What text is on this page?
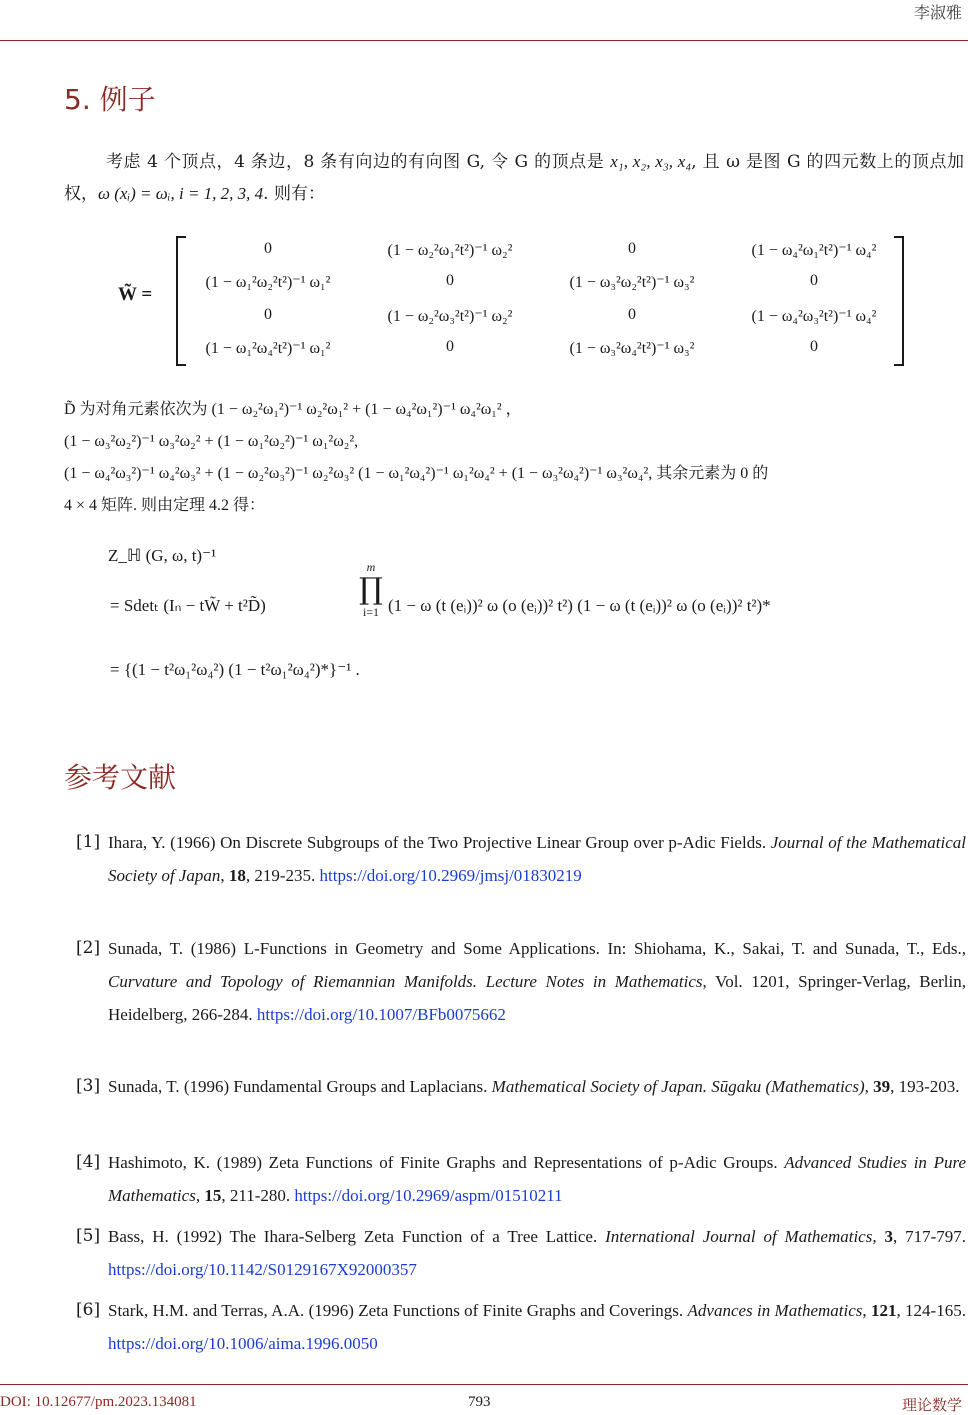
李淑雅
5. 例子
考虑 4 个顶点，4 条边，8 条有向边的有向图 G, 令 G 的顶点是 x₁, x₂, x₃, x₄, 且 ω 是图 G 的四元数上的顶点加权，ω (xᵢ) = ωᵢ, i = 1, 2, 3, 4. 则有：
W̃ =
0	(1 − ω₂²ω₁²t²)⁻¹ ω₂²	0	(1 − ω₄²ω₁²t²)⁻¹ ω₄²
(1 − ω₁²ω₂²t²)⁻¹ ω₁²	0	(1 − ω₃²ω₂²t²)⁻¹ ω₃²	0
0	(1 − ω₂²ω₃²t²)⁻¹ ω₂²	0	(1 − ω₄²ω₃²t²)⁻¹ ω₄²
(1 − ω₁²ω₄²t²)⁻¹ ω₁²	0	(1 − ω₃²ω₄²t²)⁻¹ ω₃²	0
D̃ 为对角元素依次为 (1 − ω₂²ω₁²)⁻¹ ω₂²ω₁² + (1 − ω₄²ω₁²)⁻¹ ω₄²ω₁² ，
(1 − ω₃²ω₂²)⁻¹ ω₃²ω₂² + (1 − ω₁²ω₂²)⁻¹ ω₁²ω₂²,
(1 − ω₄²ω₃²)⁻¹ ω₄²ω₃² + (1 − ω₂²ω₃²)⁻¹ ω₂²ω₃² (1 − ω₁²ω₄²)⁻¹ ω₁²ω₄² + (1 − ω₃²ω₄²)⁻¹ ω₃²ω₄², 其余元素为 0 的
4 × 4 矩阵. 则由定理 4.2 得：
Z_ℍ (G, ω, t)⁻¹
= Sdetₜ (Iₙ − tW̃ + t²D̃)
m
∏
i=1 (1 − ω (t (eᵢ))² ω (o (eᵢ))² t²) (1 − ω (t (eᵢ))² ω (o (eᵢ))² t²)*
= {(1 − t²ω₁²ω₄²) (1 − t²ω₁²ω₄²)*}⁻¹ .
参考文献
[1] Ihara, Y. (1966) On Discrete Subgroups of the Two Projective Linear Group over p-Adic Fields. Journal of the Mathematical Society of Japan, 18, 219-235. https://doi.org/10.2969/jmsj/01830219
[2] Sunada, T. (1986) L-Functions in Geometry and Some Applications. In: Shiohama, K., Sakai, T. and Sunada, T., Eds., Curvature and Topology of Riemannian Manifolds. Lecture Notes in Mathematics, Vol. 1201, Springer-Verlag, Berlin, Heidelberg, 266-284. https://doi.org/10.1007/BFb0075662
[3] Sunada, T. (1996) Fundamental Groups and Laplacians. Mathematical Society of Japan. Sūgaku (Mathematics), 39, 193-203.
[4] Hashimoto, K. (1989) Zeta Functions of Finite Graphs and Representations of p-Adic Groups. Advanced Studies in Pure Mathematics, 15, 211-280. https://doi.org/10.2969/aspm/01510211
[5] Bass, H. (1992) The Ihara-Selberg Zeta Function of a Tree Lattice. International Journal of Mathematics, 3, 717-797. https://doi.org/10.1142/S0129167X92000357
[6] Stark, H.M. and Terras, A.A. (1996) Zeta Functions of Finite Graphs and Coverings. Advances in Mathematics, 121, 124-165. https://doi.org/10.1006/aima.1996.0050
DOI: 10.12677/pm.2023.134081	793	理论数学
